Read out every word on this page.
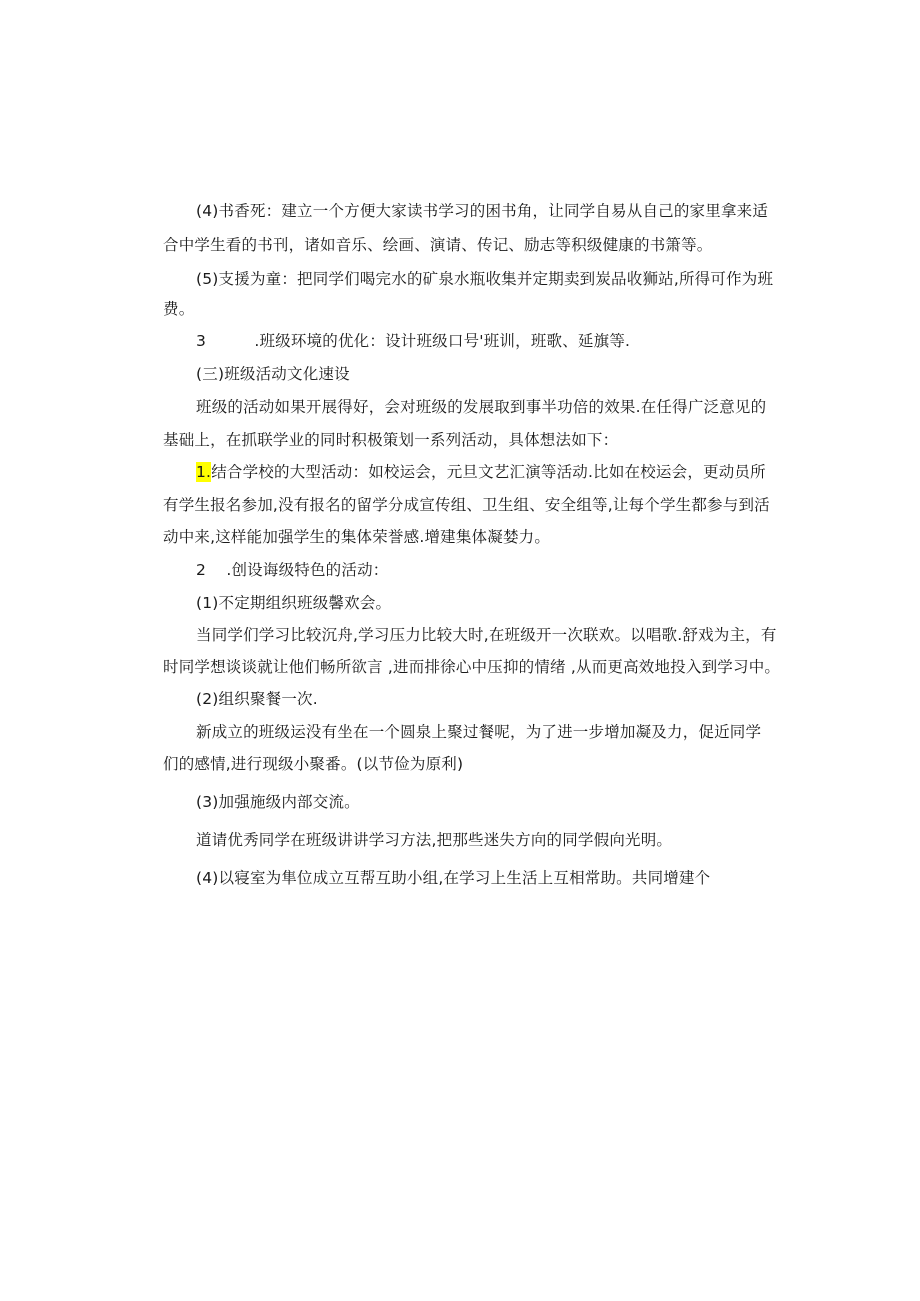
(4)书香死：建立一个方便大家读书学习的困书角，让同学自易从自己的家里拿来适
合中学生看的书刊，诸如音乐、绘画、演请、传记、励志等积级健康的书箫等。
(5)支援为童：把同学们喝完水的矿泉水瓶收集并定期卖到炭品收狮站,所得可作为班
费。
3	.班级环境的优化：设计班级口号'班训，班歌、延旗等.
(三)班级活动文化速设
班级的活动如果开展得好，会对班级的发展取到事半功倍的效果.在任得广泛意见的
基础上，在抓联学业的同时积极策划一系列活动，具体想法如下：
1.结合学校的大型活动：如校运会，元旦文艺汇演等活动.比如在校运会，更动员所
有学生报名参加,没有报名的留学分成宣传组、卫生组、安全组等,让每个学生都参与到活
动中来,这样能加强学生的集体荣誉感.增建集体凝婪力。
2 .创设诲级特色的活动：
(1)不定期组织班级馨欢会。
当同学们学习比较沉舟,学习压力比较大时,在班级开一次联欢。以唱歌.舒戏为主，有
时同学想谈谈就让他们畅所欲言 ,进而排徐心中压抑的情绪 ,从而更高效地投入到学习中。
(2)组织聚餐一次.
新成立的班级运没有坐在一个圆泉上聚过餐呢，为了进一步增加凝及力，促近同学
们的感情,进行现级小聚番。(以节俭为原利)
(3)加强施级内部交流。
道请优秀同学在班级讲讲学习方法,把那些迷失方向的同学假向光明。
(4)以寝室为隼位成立互帮互助小组,在学习上生活上互相常助。共同增建个
